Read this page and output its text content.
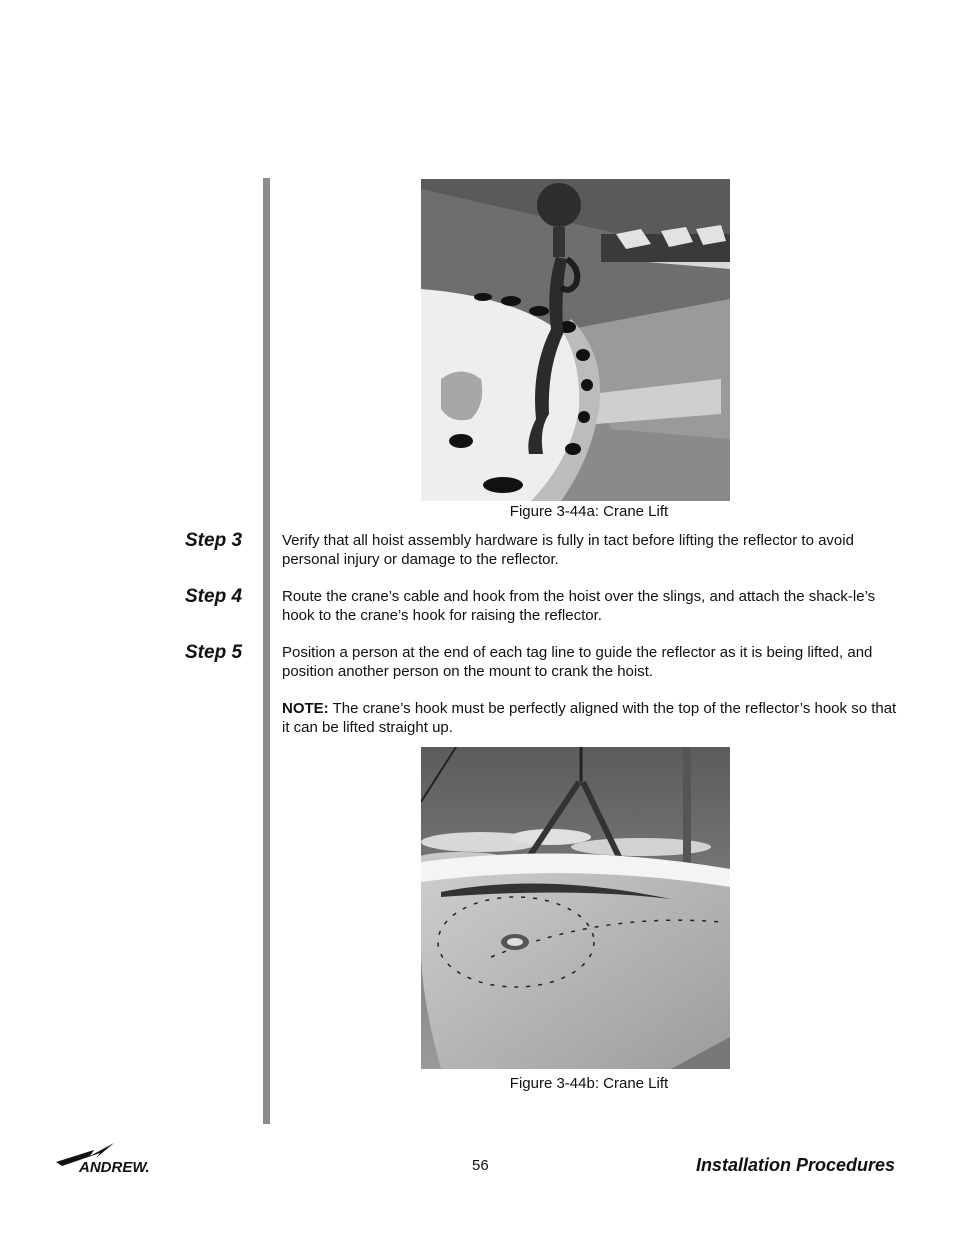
Figure 3-44a: Crane Lift
Step 3	Verify that all hoist assembly hardware is fully in tact before lifting the reflector to avoid personal injury or damage to the reflector.
Step 4	Route the crane’s cable and hook from the hoist over the slings, and attach the shack-le’s hook to the crane’s hook for raising the reflector.
Step 5	Position a person at the end of each tag line to guide the reflector as it is being lifted, and position another person on the mount to crank the hoist.
NOTE: The crane’s hook must be perfectly aligned with the top of the reflector’s hook so that it can be lifted straight up.
Figure 3-44b: Crane Lift
ANDREW.	56	Installation Procedures
